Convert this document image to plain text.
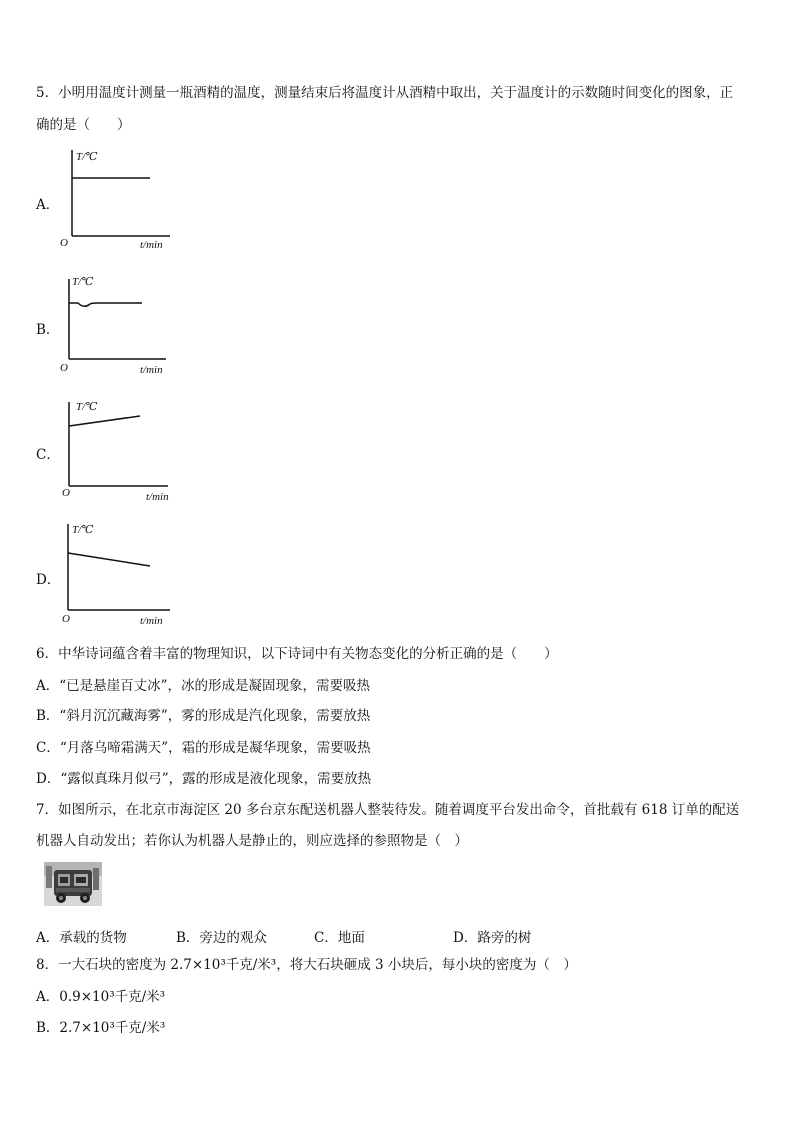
5．小明用温度计测量一瓶酒精的温度，测量结束后将温度计从酒精中取出，关于温度计的示数随时间变化的图象，正
确的是（　　）
A．
T/℃
t/min
O
B．
T/℃
t/min
O
C．
T/℃
t/min
O
D．
T/℃
t/min
O
6．中华诗词蕴含着丰富的物理知识，以下诗词中有关物态变化的分析正确的是（　　）
A．“已是悬崖百丈冰”，冰的形成是凝固现象，需要吸热
B．“斜月沉沉藏海雾”，雾的形成是汽化现象，需要放热
C．“月落乌啼霜满天”，霜的形成是凝华现象，需要吸热
D．“露似真珠月似弓”，露的形成是液化现象，需要放热
7．如图所示，在北京市海淀区 20 多台京东配送机器人整装待发。随着调度平台发出命令，首批载有 618 订单的配送
机器人自动发出；若你认为机器人是静止的，则应选择的参照物是（　）
A．承载的货物	B．旁边的观众	C．地面	D．路旁的树
8．一大石块的密度为 2.7×10³千克/米³，将大石块砸成 3 小块后，每小块的密度为（　）
A．0.9×10³千克/米³
B．2.7×10³千克/米³
